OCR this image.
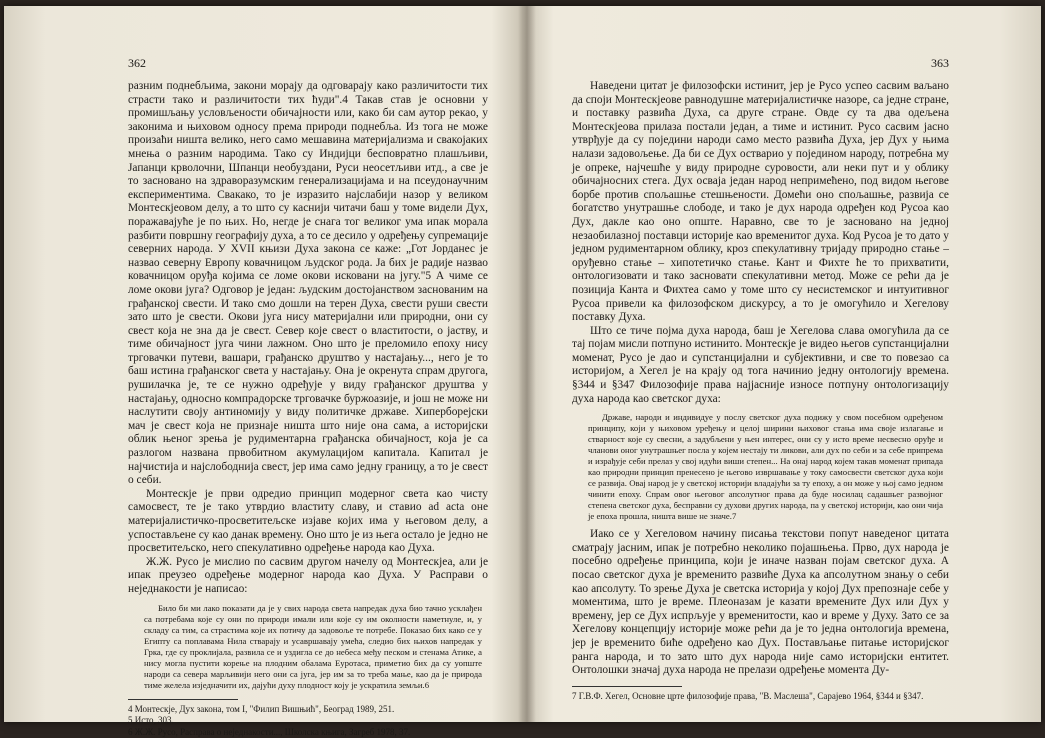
362

разним поднебљима, закони морају да одговарају како различитости тих страсти тако и различитости тих ћуди".4 Такав став је основни у промишљању условљености обичајности или, како би сам аутор рекао, у законима и њиховом односу према природи поднебља. Из тога не може произаћи ништа велико, него само мешавина материјализма и свакојаких мнења о разним народима. Тако су Индијци бесповратно плашљиви, Јапанци крволочни, Шпанци необуздани, Руси неосетљиви итд., а све је то засновано на здраворазумским генерализацијама и на псеудонаучним експериментима. Свакако, то је изразито најслабији назор у великом Монтескјеовом делу, а то што су каснији читачи баш у томе видели Дух, поражавајуће је по њих. Но, негде је снага тог великог ума ипак морала разбити површну географију духа, а то се десило у одређењу супремације северних народа. У XVII књизи Духа закона се каже: „Гот Јорданес је назвао северну Европу ковачницом људског рода. Ја бих је радије назвао ковачницом оруђа којима се ломе окови исковани на југу."5 А чиме се ломе окови југа? Одговор је један: људским достојанством заснованим на грађанској свести. И тако смо дошли на терен Духа, свести руши свести зато што је свести. Окови југа нису материјални или природни, они су свест која не зна да је свест. Север које свест о властитости, о јаству, и тиме обичајност југа чини лажном. Оно што је преломило епоху нису трговачки путеви, вашари, грађанско друштво у настајању..., него је то баш истина грађанског света у настајању. Она је окренута спрам другога, рушилачка је, те се нужно одређује у виду грађанског друштва у настајању, односно компрадорске трговачке буржоазије, и још не може ни наслутити своју антиномију у виду политичке државе. Хиперборејски мач је свест која не признаје ништа што није она сама, а историјски облик њеног зрења је рудиментарна грађанска обичајност, која је са разлогом названа првобитном акумулацијом капитала. Капитал је најчистија и најслободнија свест, јер има само једну границу, а то је свест о себи.

Монтескје је први одредио принцип модерног света као чисту самосвест, те је тако утврдио властиту славу, и ставио ad acta оне материјалистичко-просветитељске изјаве којих има у његовом делу, а успостављене су као данак времену. Оно што је из њега остало је једно не просветитељско, него спекулативно одређење народа као Духа.

Ж.Ж. Русо је мислио по сасвим другом начелу од Монтескјеа, али је ипак преузео одређење модерног народа као Духа. У Расправи о неједнакости је написао:

Било би ми лако показати да је у свих народа света напредак духа био тачно усклађен са потребама које су они по природи имали или које су им околности наметнуле, и, у складу са тим, са страстима које их потичу да задовоље те потребе. Показао бих како се у Египту са поплавама Нила стварају и усавршавају умећа, следио бих њихов напредак у Грка, где су проклијала, развила се и уздигла се до небеса међу песком и стенама Атике, а нису могла пустити корење на плодним обалама Еуротаса, приметио бих да су уопште народи са севера марљивији него они са југа, јер им за то треба мање, као да је природа тиме желела изједначити их, дајући духу плодност коју је ускратила земљи.6

4 Монтескје, Дух закона, том I, "Филип Вишњић", Београд 1989, 251.
5 Исто, 303.
6 Ж.Ж. Русо, Расправа о неједнакости..., Школска књига, Загреб 1978, 37.
363

Наведени цитат је филозофски истинит, јер је Русо успео сасвим ваљано да споји Монтескјеове равнодушне материјалистичке назоре, са једне стране, и поставку развића Духа, са друге стране. Овде су та два одељена Монтескјеова прилаза постали један, а тиме и истинит. Русо сасвим јасно утврђује да су поједини народи само место развића Духа, јер Дух у њима налази задовољење. Да би се Дух остварио у поједином народу, потребна му је опреке, најчешће у виду природне суровости, али неки пут и у облику обичајносних стега. Дух осваја један народ непримећено, под видом његове борбе против спољашње стешњености. Домећи оно спољашње, развија се богатство унутрашње слободе, и тако је дух народа одређен код Русоа као Дух, дакле као оно опште. Наравно, све то је засновано на једној незаобилазној поставци историје као временитог духа. Код Русоа је то дато у једном рудиментарном облику, кроз спекулативну тријаду природно стање – оруђевно стање – хипотетичко стање. Кант и Фихте ће то прихватити, онтологизовати и тако засновати спекулативни метод. Може се рећи да је позиција Канта и Фихтеа само у томе што су несистемског и интуитивног Русоа привели ка филозофском дискурсу, а то је омогућило и Хегелову поставку Духа.

Што се тиче појма духа народа, баш је Хегелова слава омогућила да се тај појам мисли потпуно истинито. Монтескје је видео његов супстанцијални моменат, Русо је дао и супстанцијални и субјективни, и све то повезао са историјом, а Хегел је на крају од тога начинио једну онтологију времена. §344 и §347 Филозофије права најјасније износе потпуну онтологизацију духа народа као светског духа:

Државе, народи и индивидуе у послу светског духа подижу у свом посебном одређеном принципу, који у њиховом уређењу и целој ширини њиховог стања има своје излагање и стварност које су свесни, а задубљени у њен интерес, они су у исто време несвесно оруђе и чланови оног унутрашњег посла у којем нестају ти ликови, али дух по себи и за себе припрема и израђује себи прелаз у свој идући виши степен... На онај народ којем такав моменат припада као природни принцип пренесено је његово извршавање у току самосвести светског духа који се развија. Овај народ је у светској историји владајући за ту епоху, а он може у њој само једном чинити епоху. Спрам овог његовог апсолутног права да буде носилац садашњег развојног степена светског духа, бесправни су духови других народа, па у светској историји, као они чија је епоха прошла, ништа више не значе.7

Иако се у Хегеловом начину писања текстови попут наведеног цитата сматрају јасним, ипак је потребно неколико појашњења. Прво, дух народа је посебно одређење принципа, који је иначе назван појам светског духа. А посао светског духа је временито развиће Духа ка апсолутном знању о себи као апсолуту. То зрење Духа је светска историја у којој Дух препознаје себе у моментима, што је време. Плеоназам је казати времените Дух или Дух у времену, јер се Дух испрљује у временитости, као и време у Духу. Зато се за Хегелову концепцију историје може рећи да је то једна онтологија времена, јер је временито биће одређено као Дух. Постављање питање историјског ранга народа, и то зато што дух народа није само историјски ентитет. Онтолошки значај духа народа не прелази одређење момента Ду-

7 Г.В.Ф. Хегел, Основне црте филозофије права, "В. Маслеша", Сарајево 1964, §344 и §347.
